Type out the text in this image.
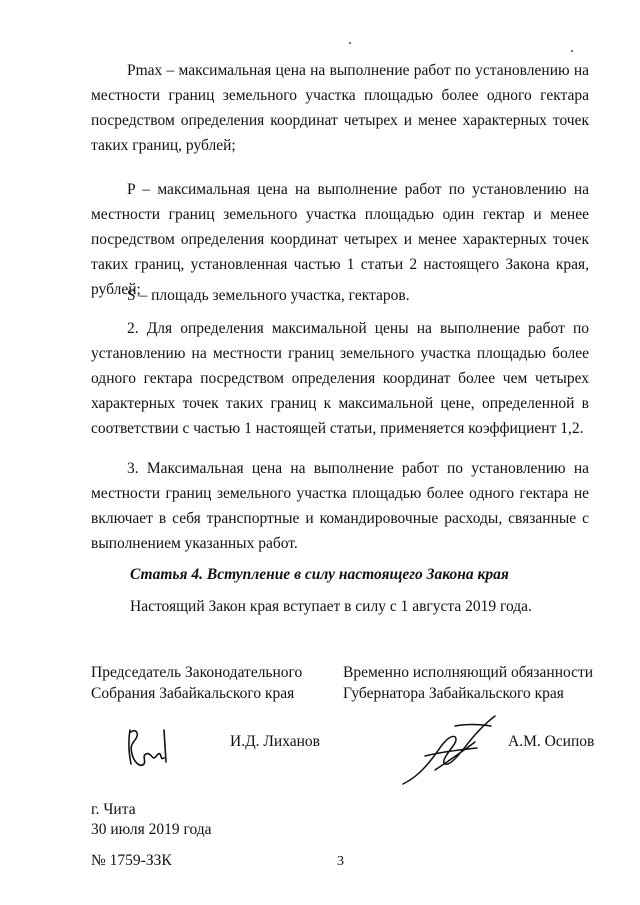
Pmax – максимальная цена на выполнение работ по установлению на местности границ земельного участка площадью более одного гектара посредством определения координат четырех и менее характерных точек таких границ, рублей;

P – максимальная цена на выполнение работ по установлению на местности границ земельного участка площадью один гектар и менее посредством определения координат четырех и менее характерных точек таких границ, установленная частью 1 статьи 2 настоящего Закона края, рублей;

S – площадь земельного участка, гектаров.

2. Для определения максимальной цены на выполнение работ по установлению на местности границ земельного участка площадью более одного гектара посредством определения координат более чем четырех характерных точек таких границ к максимальной цене, определенной в соответствии с частью 1 настоящей статьи, применяется коэффициент 1,2.

3. Максимальная цена на выполнение работ по установлению на местности границ земельного участка площадью более одного гектара не включает в себя транспортные и командировочные расходы, связанные с выполнением указанных работ.

Статья 4. Вступление в силу настоящего Закона края

Настоящий Закон края вступает в силу с 1 августа 2019 года.

Председатель Законодательного
Собрания Забайкальского края
Временно исполняющий обязанности
Губернатора Забайкальского края

И.Д. Лиханов	А.М. Осипов

г. Чита
30 июля 2019 года

№ 1759-ЗЗК	3
